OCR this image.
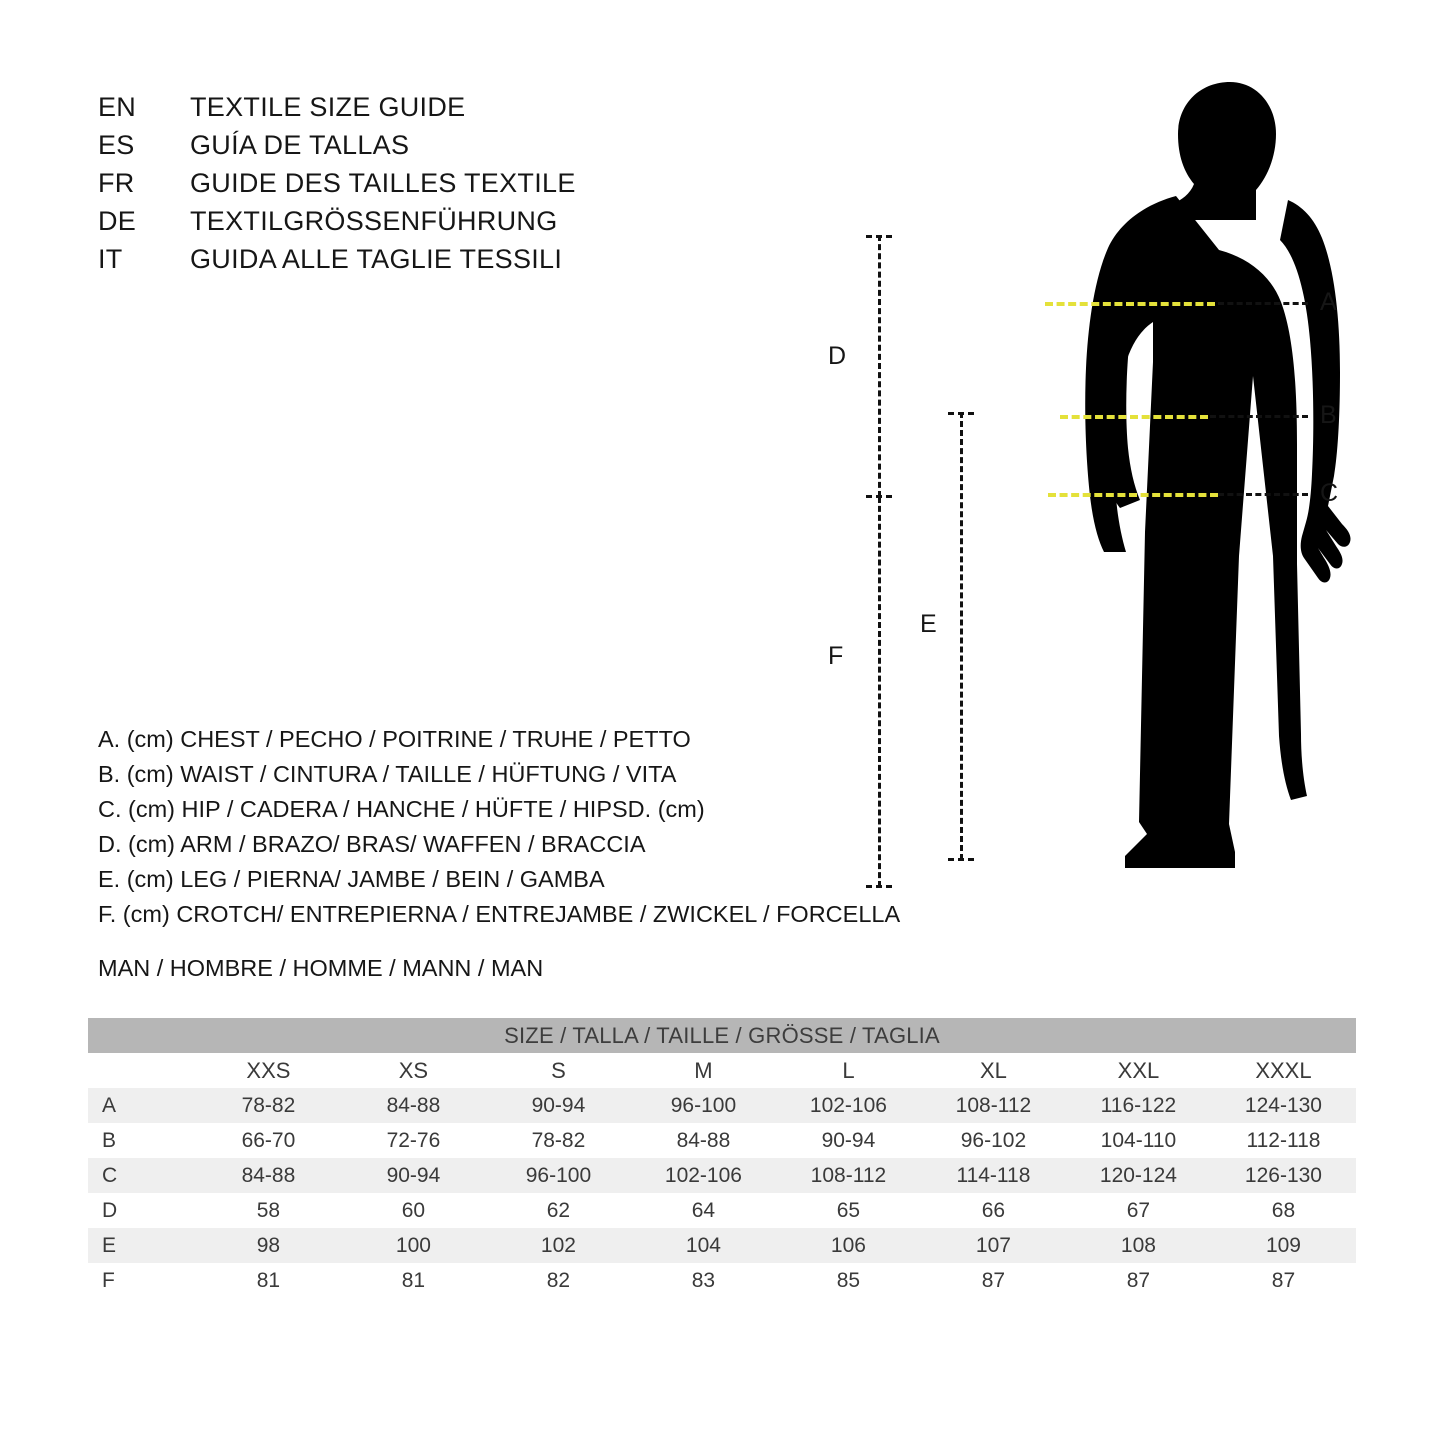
EN	TEXTILE SIZE GUIDE
ES	GUÍA DE TALLAS
FR	GUIDE DES TAILLES TEXTILE
DE	TEXTILGRÖSSENFÜHRUNG
IT	GUIDA ALLE TAGLIE TESSILI
A
B
C
D
E
F
A. (cm) CHEST / PECHO / POITRINE / TRUHE / PETTO
B. (cm) WAIST / CINTURA / TAILLE / HÜFTUNG / VITA
C. (cm) HIP / CADERA / HANCHE / HÜFTE / HIPSD. (cm)
D. (cm) ARM / BRAZO/ BRAS/ WAFFEN / BRACCIA
E. (cm) LEG / PIERNA/ JAMBE / BEIN / GAMBA
F. (cm) CROTCH/ ENTREPIERNA / ENTREJAMBE / ZWICKEL / FORCELLA
MAN / HOMBRE / HOMME / MANN / MAN
SIZE / TALLA / TAILLE / GRÖSSE / TAGLIA								
	XXS	XS	S	M	L	XL	XXL	XXXL
A	78-82	84-88	90-94	96-100	102-106	108-112	116-122	124-130
B	66-70	72-76	78-82	84-88	90-94	96-102	104-110	112-118
C	84-88	90-94	96-100	102-106	108-112	114-118	120-124	126-130
D	58	60	62	64	65	66	67	68
E	98	100	102	104	106	107	108	109
F	81	81	82	83	85	87	87	87
